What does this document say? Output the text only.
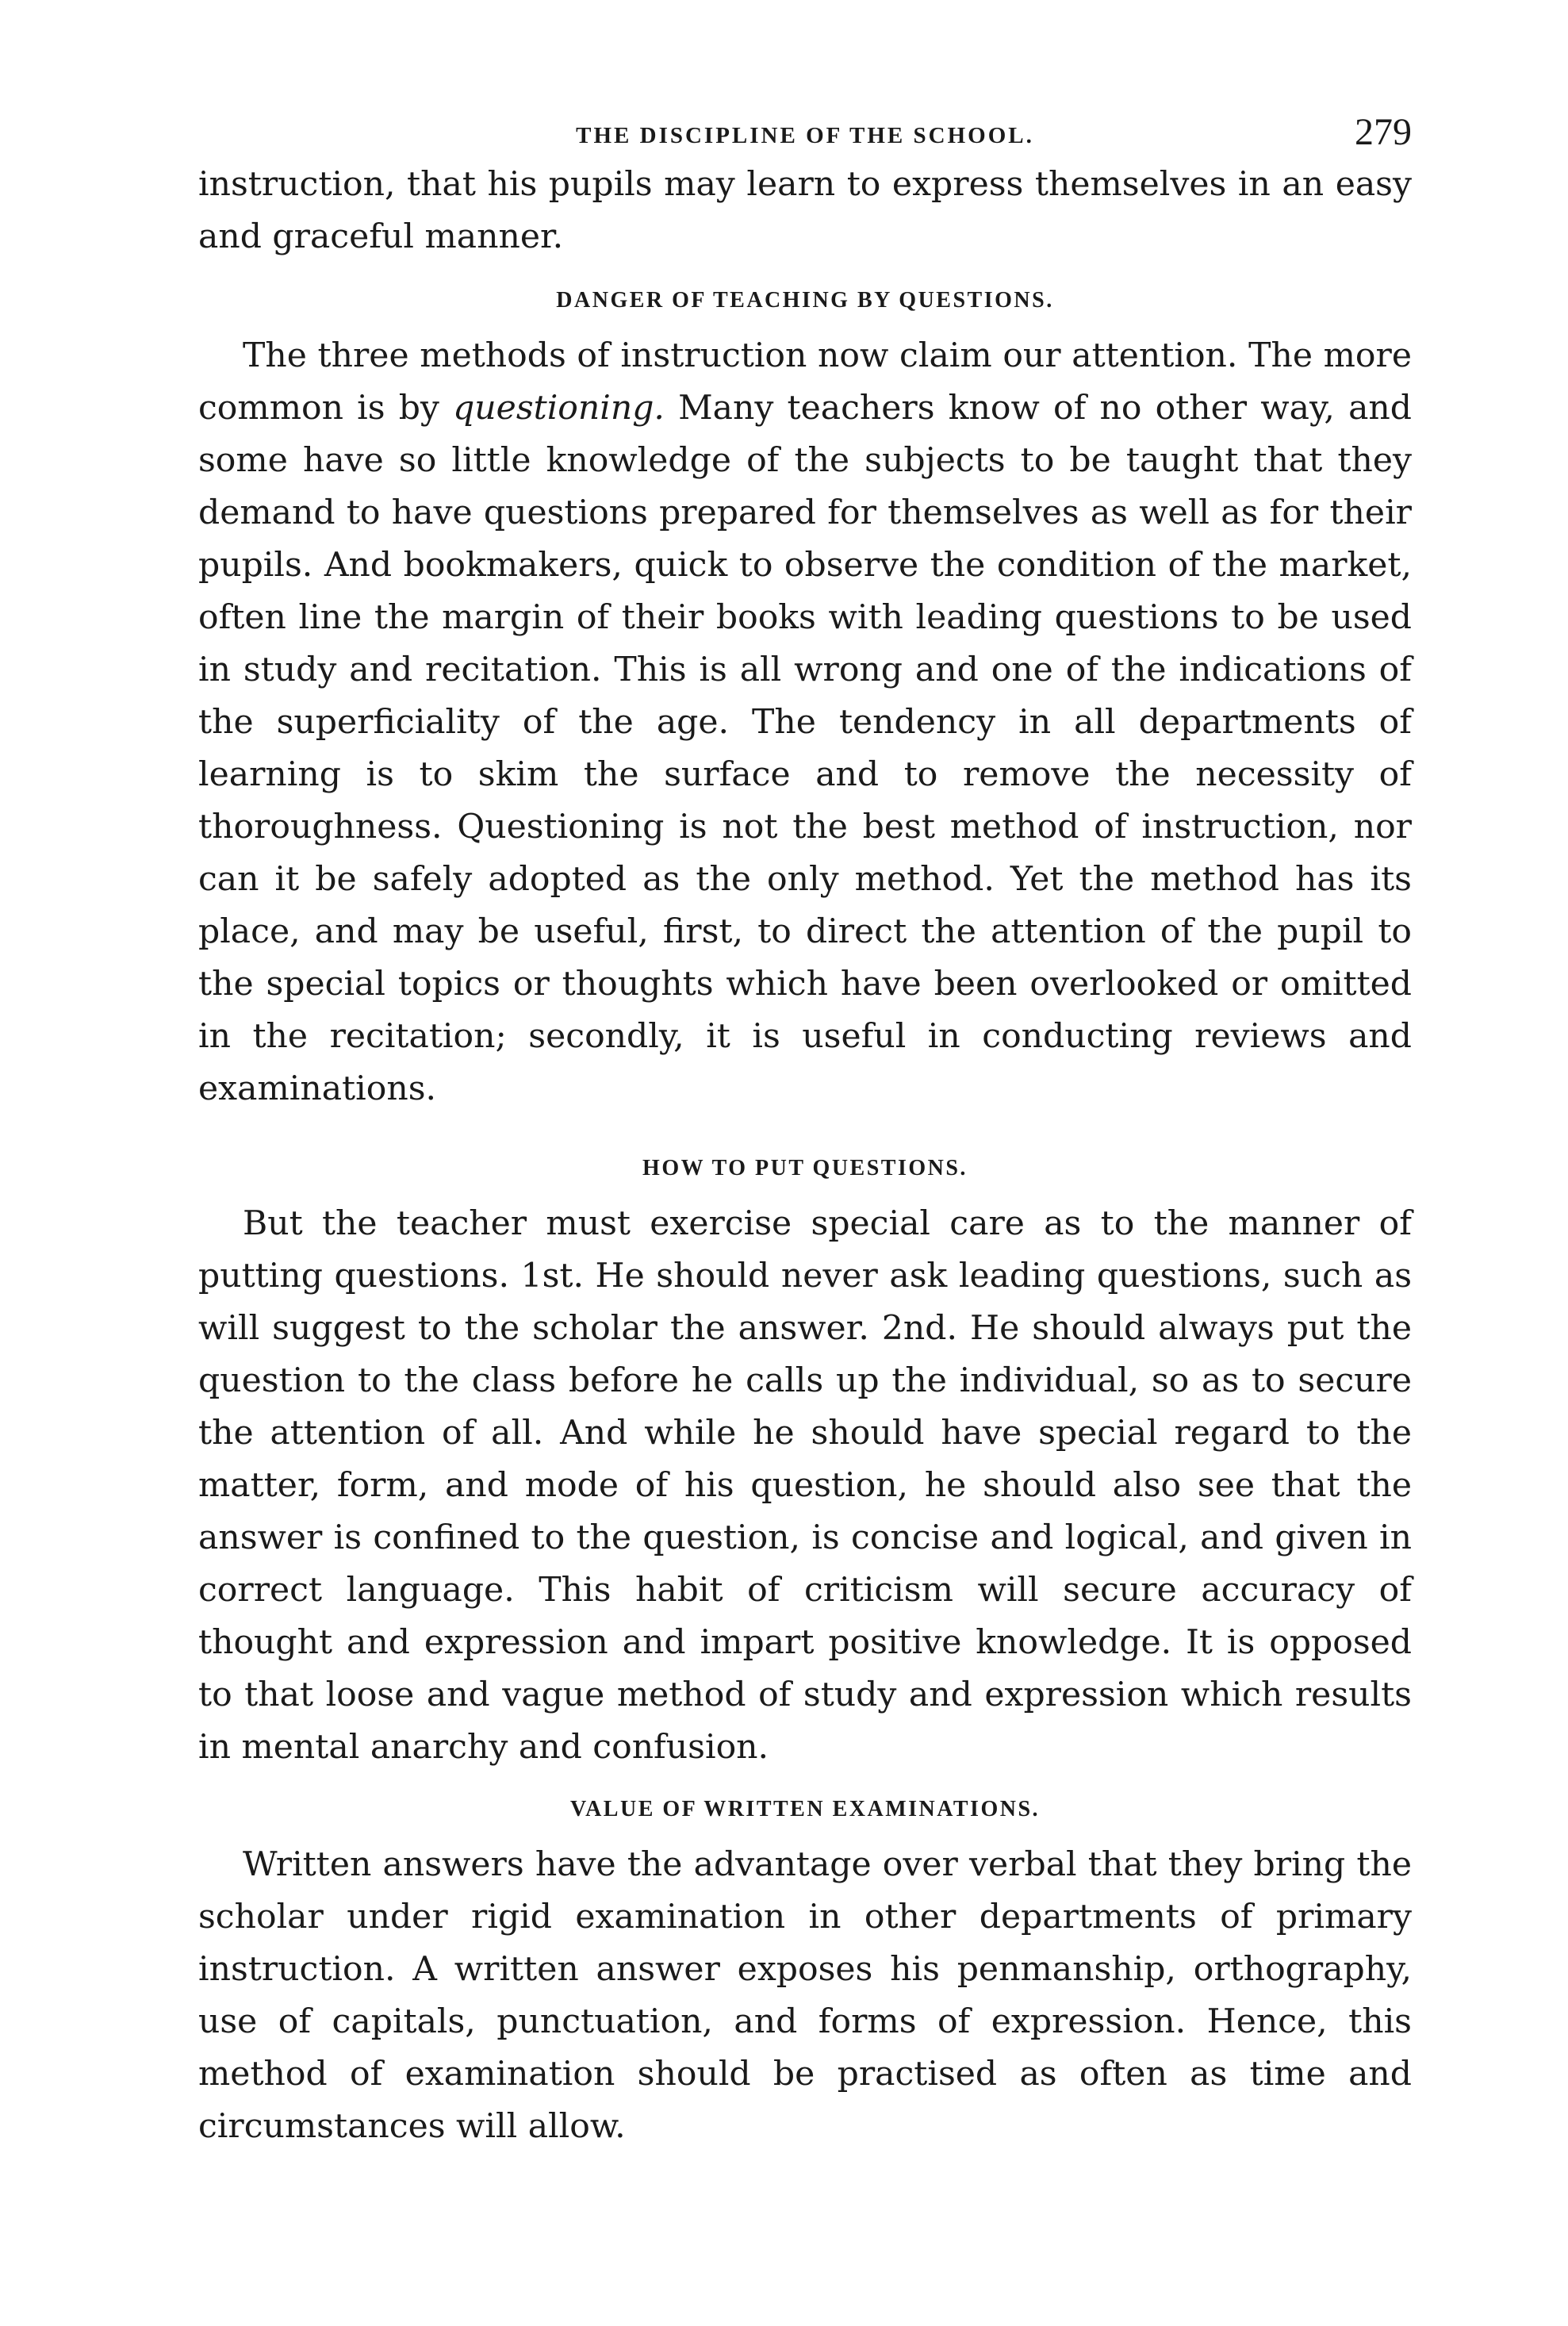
THE DISCIPLINE OF THE SCHOOL.	279

instruction, that his pupils may learn to express themselves in an easy and graceful manner.

DANGER OF TEACHING BY QUESTIONS.

The three methods of instruction now claim our attention. The more common is by questioning. Many teachers know of no other way, and some have so little knowledge of the subjects to be taught that they demand to have questions prepared for themselves as well as for their pupils. And bookmakers, quick to observe the condition of the market, often line the margin of their books with leading questions to be used in study and recitation. This is all wrong and one of the indications of the superficiality of the age. The tendency in all departments of learning is to skim the surface and to remove the necessity of thoroughness. Questioning is not the best method of instruction, nor can it be safely adopted as the only method. Yet the method has its place, and may be useful, first, to direct the attention of the pupil to the special topics or thoughts which have been overlooked or omitted in the recitation; secondly, it is useful in conducting reviews and examinations.

HOW TO PUT QUESTIONS.

But the teacher must exercise special care as to the manner of putting questions. 1st. He should never ask leading questions, such as will suggest to the scholar the answer. 2nd. He should always put the question to the class before he calls up the individual, so as to secure the attention of all. And while he should have special regard to the matter, form, and mode of his question, he should also see that the answer is confined to the question, is concise and logical, and given in correct language. This habit of criticism will secure accuracy of thought and expression and impart positive knowledge. It is opposed to that loose and vague method of study and expression which results in mental anarchy and confusion.

VALUE OF WRITTEN EXAMINATIONS.

Written answers have the advantage over verbal that they bring the scholar under rigid examination in other departments of primary instruction. A written answer exposes his penmanship, orthography, use of capitals, punctuation, and forms of expression. Hence, this method of examination should be practised as often as time and circumstances will allow.
